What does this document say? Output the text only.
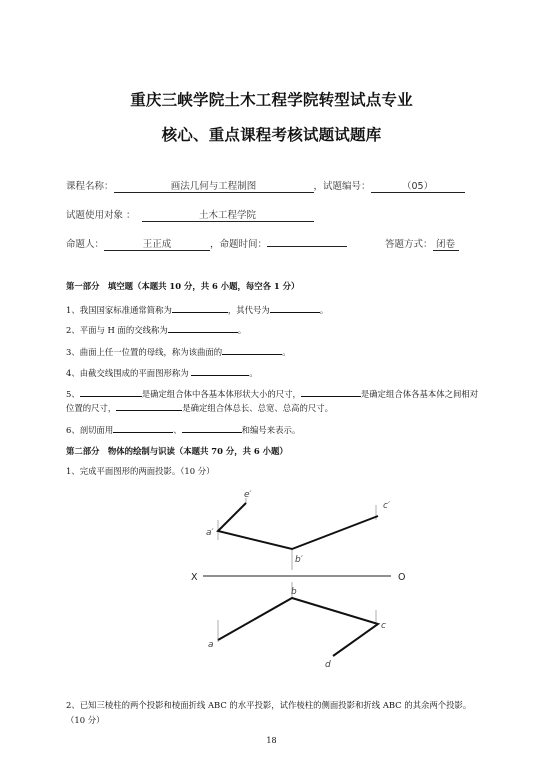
重庆三峡学院土木工程学院转型试点专业
核心、重点课程考核试题试题库
课程名称：	画法几何与工程制图	，试题编号：	（05）
试题使用对象 ：	土木工程学院
命题人：	王正成	，命题时间：	答题方式： 闭卷
第一部分　填空题（本题共 10 分，共 6 小题，每空各 1 分）
1、我国国家标准通常简称为	，其代号为	。
2、平面与 H 面的交线称为	。
3、曲面上任一位置的母线，称为该曲面的	。
4、由截交线围成的平面图形称为	。
5、	是确定组合体中各基本体形状大小的尺寸，	是确定组合体各基本体之间相对
位置的尺寸，	是确定组合体总长、总宽、总高的尺寸。
6、剖切面用	、	和编号来表示。
第二部分　物体的绘制与识读（本题共 70 分，共 6 小题）
1、完成平面图形的两面投影。（10 分）
X	O
e′
a′
b′
c′
b
a
c
d
2、已知三棱柱的两个投影和棱面折线 ABC 的水平投影，试作棱柱的侧面投影和折线 ABC 的其余两个投影。
（10 分）
18
